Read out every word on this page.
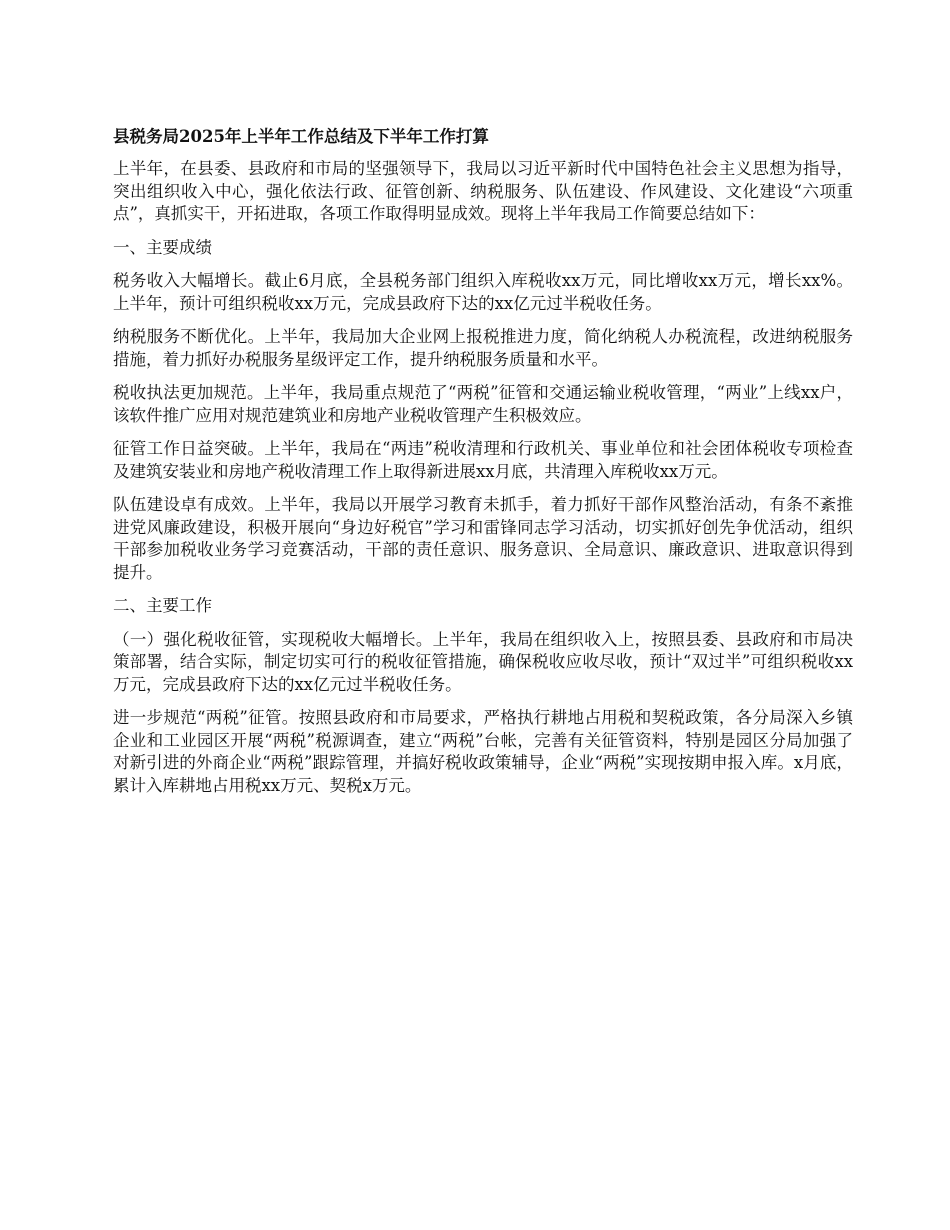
县税务局2025年上半年工作总结及下半年工作打算

上半年，在县委、县政府和市局的坚强领导下，我局以习近平新时代中国特色社会主义思想为指导，突出组织收入中心，强化依法行政、征管创新、纳税服务、队伍建设、作风建设、文化建设“六项重点”，真抓实干，开拓进取，各项工作取得明显成效。现将上半年我局工作简要总结如下：

一、主要成绩

税务收入大幅增长。截止6月底，全县税务部门组织入库税收xx万元，同比增收xx万元，增长xx%。上半年，预计可组织税收xx万元，完成县政府下达的xx亿元过半税收任务。

纳税服务不断优化。上半年，我局加大企业网上报税推进力度，简化纳税人办税流程，改进纳税服务措施，着力抓好办税服务星级评定工作，提升纳税服务质量和水平。

税收执法更加规范。上半年，我局重点规范了“两税”征管和交通运输业税收管理，“两业”上线xx户，该软件推广应用对规范建筑业和房地产业税收管理产生积极效应。

征管工作日益突破。上半年，我局在“两违”税收清理和行政机关、事业单位和社会团体税收专项检查及建筑安装业和房地产税收清理工作上取得新进展xx月底，共清理入库税收xx万元。

队伍建设卓有成效。上半年，我局以开展学习教育未抓手，着力抓好干部作风整治活动，有条不紊推进党风廉政建设，积极开展向“身边好税官”学习和雷锋同志学习活动，切实抓好创先争优活动，组织干部参加税收业务学习竞赛活动，干部的责任意识、服务意识、全局意识、廉政意识、进取意识得到提升。

二、主要工作

（一）强化税收征管，实现税收大幅增长。上半年，我局在组织收入上，按照县委、县政府和市局决策部署，结合实际，制定切实可行的税收征管措施，确保税收应收尽收，预计“双过半”可组织税收xx万元，完成县政府下达的xx亿元过半税收任务。

进一步规范“两税”征管。按照县政府和市局要求，严格执行耕地占用税和契税政策，各分局深入乡镇企业和工业园区开展“两税”税源调查，建立“两税”台帐，完善有关征管资料，特别是园区分局加强了对新引进的外商企业“两税”跟踪管理，并搞好税收政策辅导，企业“两税”实现按期申报入库。x月底，累计入库耕地占用税xx万元、契税x万元。
